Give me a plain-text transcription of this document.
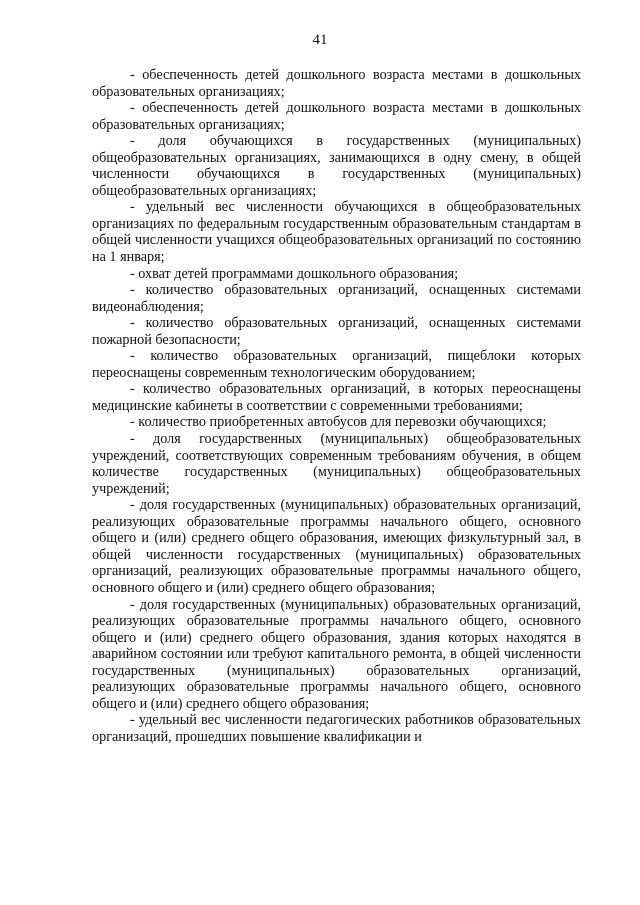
41

- обеспеченность детей дошкольного возраста местами в дошкольных образовательных организациях;

- обеспеченность детей дошкольного возраста местами в дошкольных образовательных организациях;

- доля обучающихся в государственных (муниципальных) общеобразовательных организациях, занимающихся в одну смену, в общей численности обучающихся в государственных (муниципальных) общеобразовательных организациях;

- удельный вес численности обучающихся в общеобразовательных организациях по федеральным государственным образовательным стандартам в общей численности учащихся общеобразовательных организаций по состоянию на 1 января;

- охват детей программами дошкольного образования;

- количество образовательных организаций, оснащенных системами видеонаблюдения;

- количество образовательных организаций, оснащенных системами пожарной безопасности;

- количество образовательных организаций, пищеблоки которых переоснащены современным технологическим оборудованием;

- количество образовательных организаций, в которых переоснащены медицинские кабинеты в соответствии с современными требованиями;

- количество приобретенных автобусов для перевозки обучающихся;

- доля государственных (муниципальных) общеобразовательных учреждений, соответствующих современным требованиям обучения, в общем количестве государственных (муниципальных) общеобразовательных учреждений;

- доля государственных (муниципальных) образовательных организаций, реализующих образовательные программы начального общего, основного общего и (или) среднего общего образования, имеющих физкультурный зал, в общей численности государственных (муниципальных) образовательных организаций, реализующих образовательные программы начального общего, основного общего и (или) среднего общего образования;

- доля государственных (муниципальных) образовательных организаций, реализующих образовательные программы начального общего, основного общего и (или) среднего общего образования, здания которых находятся в аварийном состоянии или требуют капитального ремонта, в общей численности государственных (муниципальных) образовательных организаций, реализующих образовательные программы начального общего, основного общего и (или) среднего общего образования;

- удельный вес численности педагогических работников образовательных организаций, прошедших повышение квалификации и
